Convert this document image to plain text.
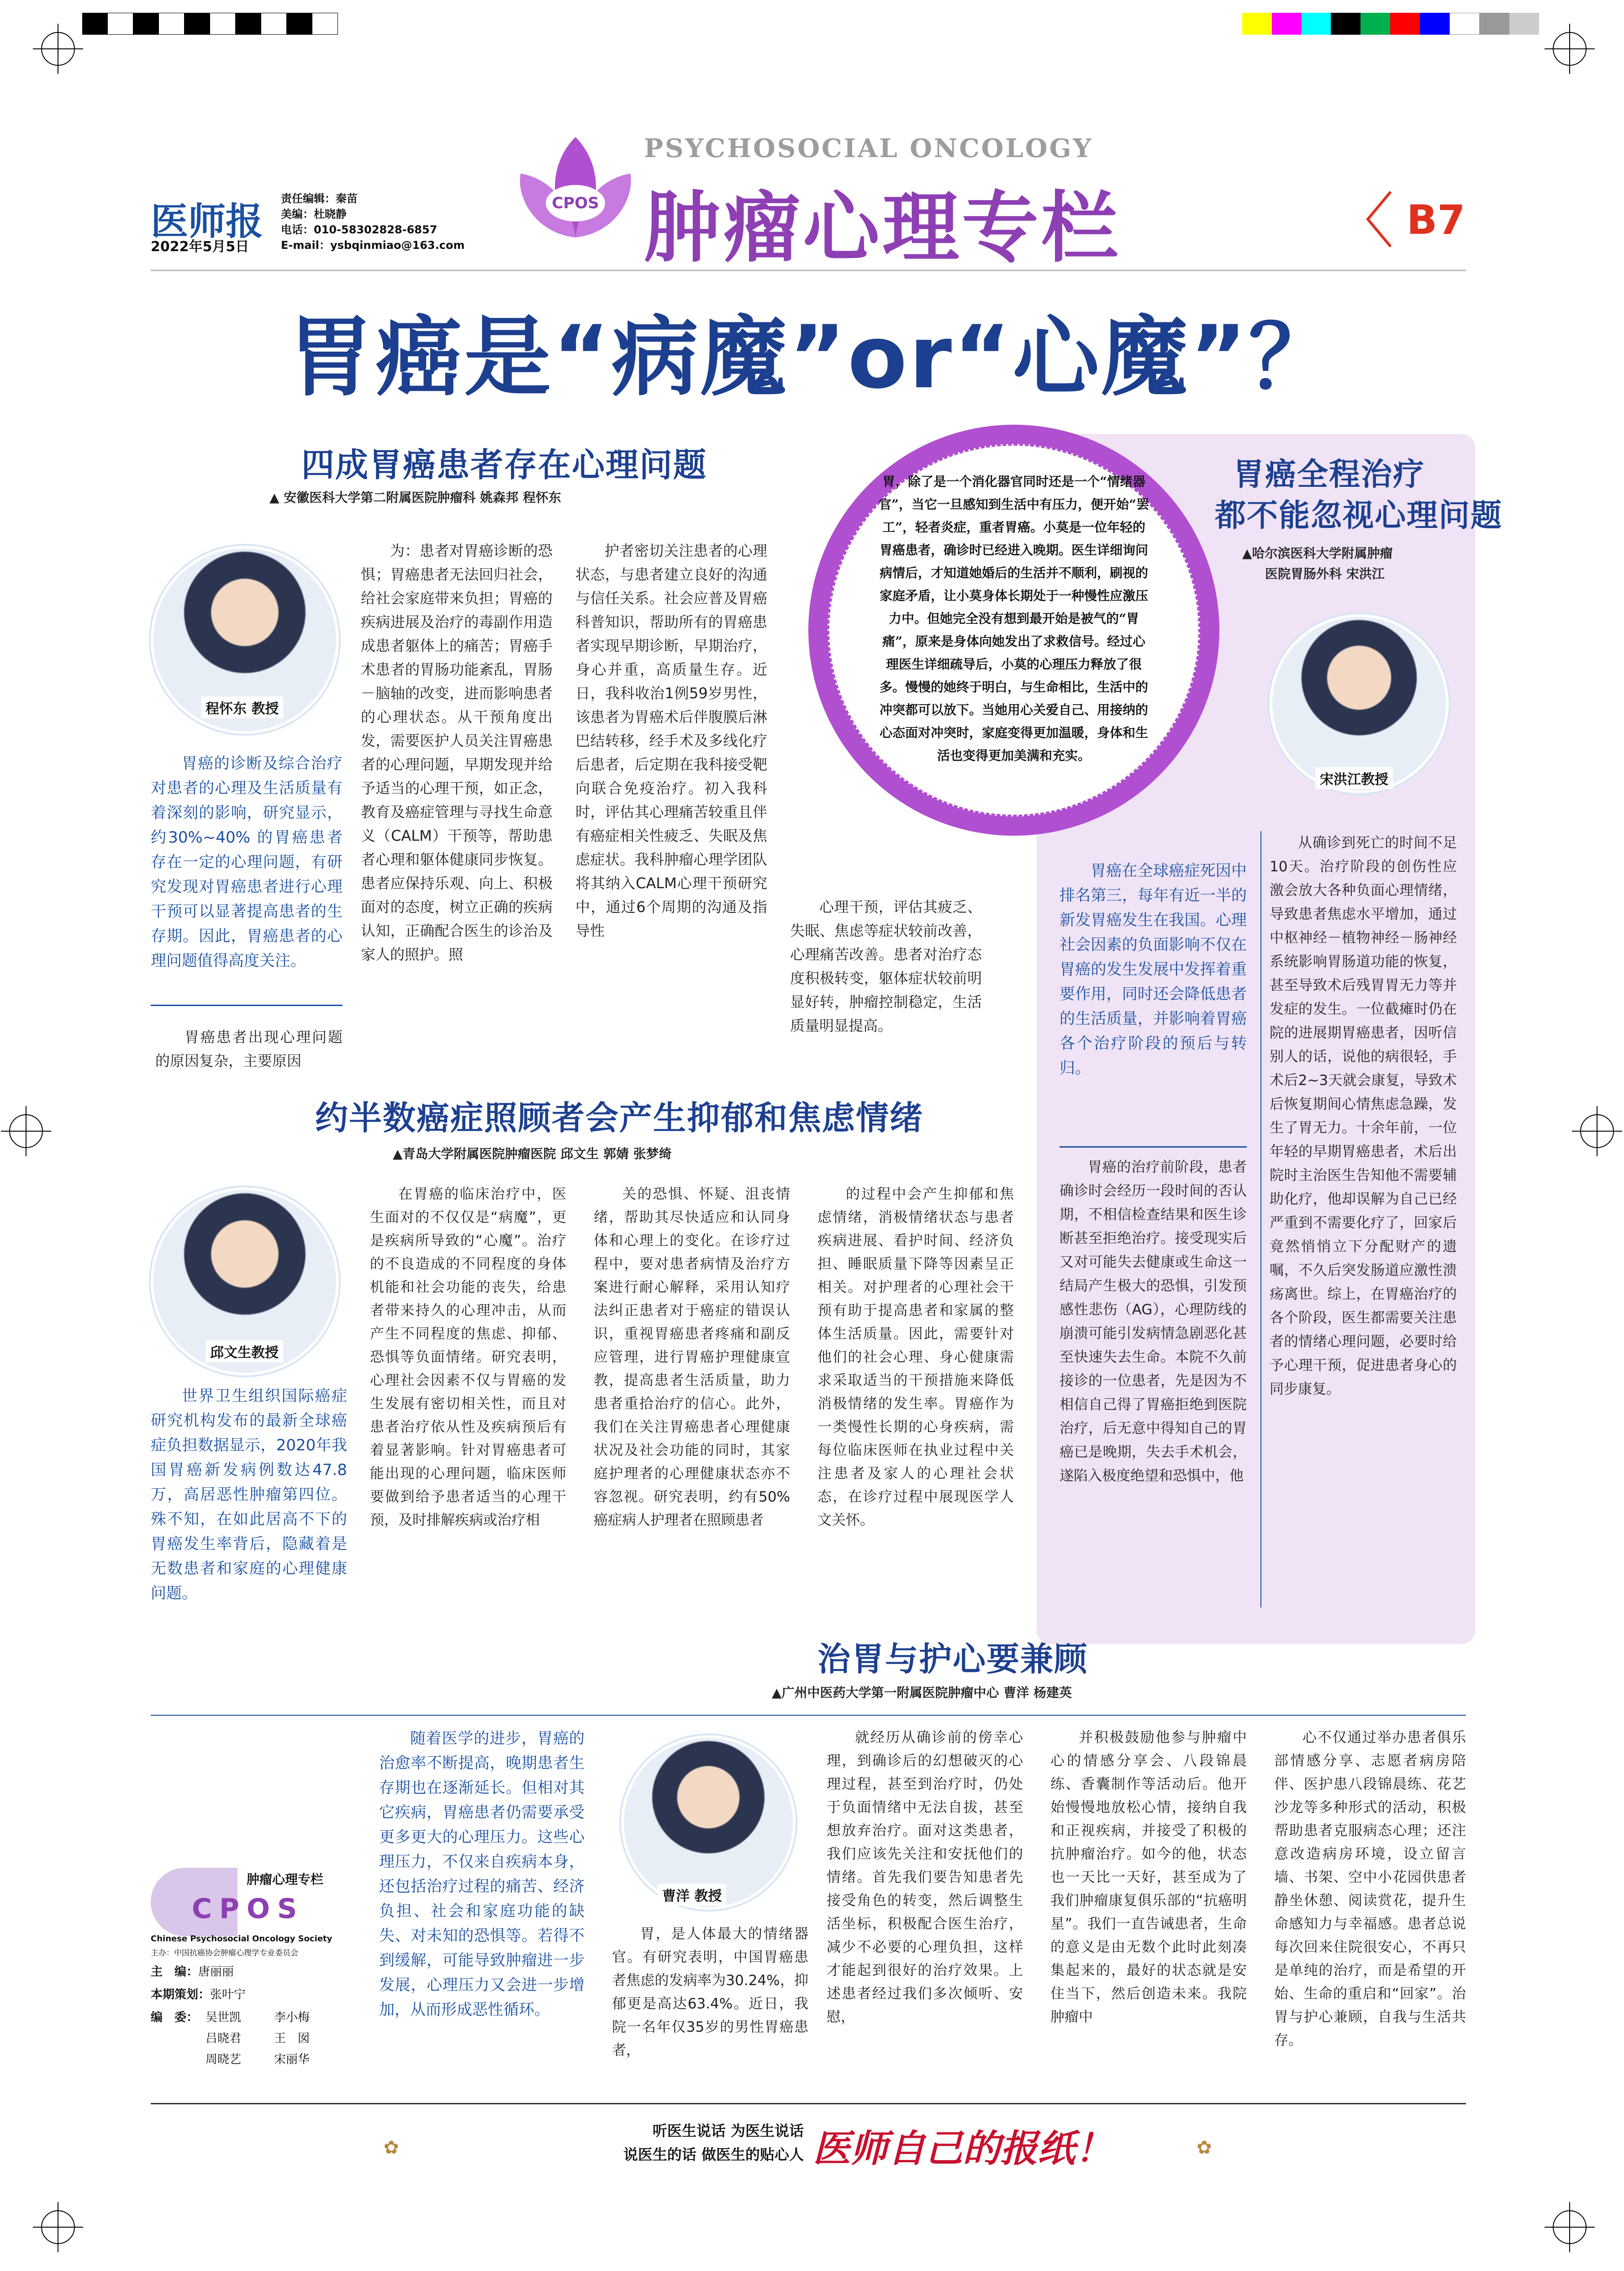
医师报
2022年5月5日
责任编辑：秦苗
美编：杜晓静
电话：010-58302828-6857
E-mail：ysbqinmiao@163.com
CPOS
PSYCHOSOCIAL ONCOLOGY
肿瘤心理专栏	B7
胃癌是“病魔”or“心魔”？
四成胃癌患者存在心理问题
▲ 安徽医科大学第二附属医院肿瘤科 姚森邦 程怀东
程怀东 教授

胃癌的诊断及综合治疗对患者的心理及生活质量有着深刻的影响，研究显示，约30%~40% 的胃癌患者存在一定的心理问题，有研究发现对胃癌患者进行心理干预可以显著提高患者的生存期。因此，胃癌患者的心理问题值得高度关注。

胃癌患者出现心理问题的原因复杂，主要原因

为：患者对胃癌诊断的恐惧；胃癌患者无法回归社会，给社会家庭带来负担；胃癌的疾病进展及治疗的毒副作用造成患者躯体上的痛苦；胃癌手术患者的胃肠功能紊乱，胃肠－脑轴的改变，进而影响患者的心理状态。从干预角度出发，需要医护人员关注胃癌患者的心理问题，早期发现并给予适当的心理干预，如正念，教育及癌症管理与寻找生命意义（CALM）干预等，帮助患者心理和躯体健康同步恢复。患者应保持乐观、向上、积极面对的态度，树立正确的疾病认知，正确配合医生的诊治及家人的照护。照

护者密切关注患者的心理状态，与患者建立良好的沟通与信任关系。社会应普及胃癌科普知识，帮助所有的胃癌患者实现早期诊断，早期治疗，身心并重，高质量生存。近日，我科收治1例59岁男性，该患者为胃癌术后伴腹膜后淋巴结转移，经手术及多线化疗后患者，后定期在我科接受靶向联合免疫治疗。初入我科时，评估其心理痛苦较重且伴有癌症相关性疲乏、失眠及焦虑症状。我科肿瘤心理学团队将其纳入CALM心理干预研究中，通过6个周期的沟通及指导性

心理干预，评估其疲乏、失眠、焦虑等症状较前改善，心理痛苦改善。患者对治疗态度积极转变，躯体症状较前明显好转，肿瘤控制稳定，生活质量明显提高。

胃，除了是一个消化器官同时还是一个“情绪器官”，当它一旦感知到生活中有压力，便开始“罢工”，轻者炎症，重者胃癌。小莫是一位年轻的胃癌患者，确诊时已经进入晚期。医生详细询问病情后，才知道她婚后的生活并不顺利，刷视的家庭矛盾，让小莫身体长期处于一种慢性应激压力中。但她完全没有想到最开始是被气的“胃痛”，原来是身体向她发出了求救信号。经过心理医生详细疏导后，小莫的心理压力释放了很多。慢慢的她终于明白，与生命相比，生活中的冲突都可以放下。当她用心关爱自己、用接纳的心态面对冲突时，家庭变得更加温暖，身体和生活也变得更加美满和充实。
胃癌全程治疗
都不能忽视心理问题
▲哈尔滨医科大学附属肿瘤
医院胃肠外科 宋洪江
宋洪江教授

胃癌在全球癌症死因中排名第三，每年有近一半的新发胃癌发生在我国。心理社会因素的负面影响不仅在胃癌的发生发展中发挥着重要作用，同时还会降低患者的生活质量，并影响着胃癌各个治疗阶段的预后与转归。

胃癌的治疗前阶段，患者确诊时会经历一段时间的否认期，不相信检查结果和医生诊断甚至拒绝治疗。接受现实后又对可能失去健康或生命这一结局产生极大的恐惧，引发预感性悲伤（AG），心理防线的崩溃可能引发病情急剧恶化甚至快速失去生命。本院不久前接诊的一位患者，先是因为不相信自己得了胃癌拒绝到医院治疗，后无意中得知自己的胃癌已是晚期，失去手术机会，遂陷入极度绝望和恐惧中，他

从确诊到死亡的时间不足10天。治疗阶段的创伤性应激会放大各种负面心理情绪，导致患者焦虑水平增加，通过中枢神经－植物神经－肠神经系统影响胃肠道功能的恢复，甚至导致术后残胃胃无力等并发症的发生。一位截瘫时仍在院的进展期胃癌患者，因听信别人的话，说他的病很轻，手术后2~3天就会康复，导致术后恢复期间心情焦虑急躁，发生了胃无力。十余年前，一位年轻的早期胃癌患者，术后出院时主治医生告知他不需要辅助化疗，他却误解为自己已经严重到不需要化疗了，回家后竟然悄悄立下分配财产的遗嘱，不久后突发肠道应激性溃疡离世。综上，在胃癌治疗的各个阶段，医生都需要关注患者的情绪心理问题，必要时给予心理干预，促进患者身心的同步康复。

约半数癌症照顾者会产生抑郁和焦虑情绪
▲青岛大学附属医院肿瘤医院 邱文生 郭婧 张梦绮
邱文生教授

世界卫生组织国际癌症研究机构发布的最新全球癌症负担数据显示，2020年我国胃癌新发病例数达47.8万，高居恶性肿瘤第四位。殊不知，在如此居高不下的胃癌发生率背后，隐藏着是无数患者和家庭的心理健康问题。

在胃癌的临床治疗中，医生面对的不仅仅是“病魔”，更是疾病所导致的“心魔”。治疗的不良造成的不同程度的身体机能和社会功能的丧失，给患者带来持久的心理冲击，从而产生不同程度的焦虑、抑郁、恐惧等负面情绪。研究表明，心理社会因素不仅与胃癌的发生发展有密切相关性，而且对患者治疗依从性及疾病预后有着显著影响。针对胃癌患者可能出现的心理问题，临床医师要做到给予患者适当的心理干预，及时排解疾病或治疗相

关的恐惧、怀疑、沮丧情绪，帮助其尽快适应和认同身体和心理上的变化。在诊疗过程中，要对患者病情及治疗方案进行耐心解释，采用认知疗法纠正患者对于癌症的错误认识，重视胃癌患者疼痛和副反应管理，进行胃癌护理健康宣教，提高患者生活质量，助力患者重拾治疗的信心。此外，我们在关注胃癌患者心理健康状况及社会功能的同时，其家庭护理者的心理健康状态亦不容忽视。研究表明，约有50%癌症病人护理者在照顾患者

的过程中会产生抑郁和焦虑情绪，消极情绪状态与患者疾病进展、看护时间、经济负担、睡眠质量下降等因素呈正相关。对护理者的心理社会干预有助于提高患者和家属的整体生活质量。因此，需要针对他们的社会心理、身心健康需求采取适当的干预措施来降低消极情绪的发生率。胃癌作为一类慢性长期的心身疾病，需每位临床医师在执业过程中关注患者及家人的心理社会状态，在诊疗过程中展现医学人文关怀。

治胃与护心要兼顾
▲广州中医药大学第一附属医院肿瘤中心 曹洋 杨建英

随着医学的进步，胃癌的治愈率不断提高，晚期患者生存期也在逐渐延长。但相对其它疾病，胃癌患者仍需要承受更多更大的心理压力。这些心理压力，不仅来自疾病本身，还包括治疗过程的痛苦、经济负担、社会和家庭功能的缺失、对未知的恐惧等。若得不到缓解，可能导致肿瘤进一步发展，心理压力又会进一步增加，从而形成恶性循环。

曹洋 教授

胃，是人体最大的情绪器官。有研究表明，中国胃癌患者焦虑的发病率为30.24%，抑郁更是高达63.4%。近日，我院一名年仅35岁的男性胃癌患者，

就经历从确诊前的傍幸心理，到确诊后的幻想破灭的心理过程，甚至到治疗时，仍处于负面情绪中无法自拔，甚至想放弃治疗。面对这类患者，我们应该先关注和安抚他们的情绪。首先我们要告知患者先接受角色的转变，然后调整生活坐标，积极配合医生治疗，减少不必要的心理负担，这样才能起到很好的治疗效果。上述患者经过我们多次倾听、安慰，

并积极鼓励他参与肿瘤中心的情感分享会、八段锦晨练、香囊制作等活动后。他开始慢慢地放松心情，接纳自我和正视疾病，并接受了积极的抗肿瘤治疗。如今的他，状态也一天比一天好，甚至成为了我们肿瘤康复俱乐部的“抗癌明星”。我们一直告诫患者，生命的意义是由无数个此时此刻凑集起来的，最好的状态就是安住当下，然后创造未来。我院肿瘤中

心不仅通过举办患者俱乐部情感分享、志愿者病房陪伴、医护患八段锦晨练、花艺沙龙等多种形式的活动，积极帮助患者克服病态心理；还注意改造病房环境，设立留言墙、书架、空中小花园供患者静坐休憩、阅读赏花，提升生命感知力与幸福感。患者总说每次回来住院很安心，不再只是单纯的治疗，而是希望的开始、生命的重启和“回家”。治胃与护心兼顾，自我与生活共存。

CPOS
肿瘤心理专栏
Chinese Psychosocial Oncology Society
主办：中国抗癌协会肿瘤心理学专业委员会
主　编：唐丽丽
本期策划：张叶宁
编　委： 吴世凯	李小梅
吕晓君	王　囡
周晓艺	宋丽华
✿
听医生说话 为医生说话
说医生的话 做医生的贴心人 医师自己的报纸！	✿
